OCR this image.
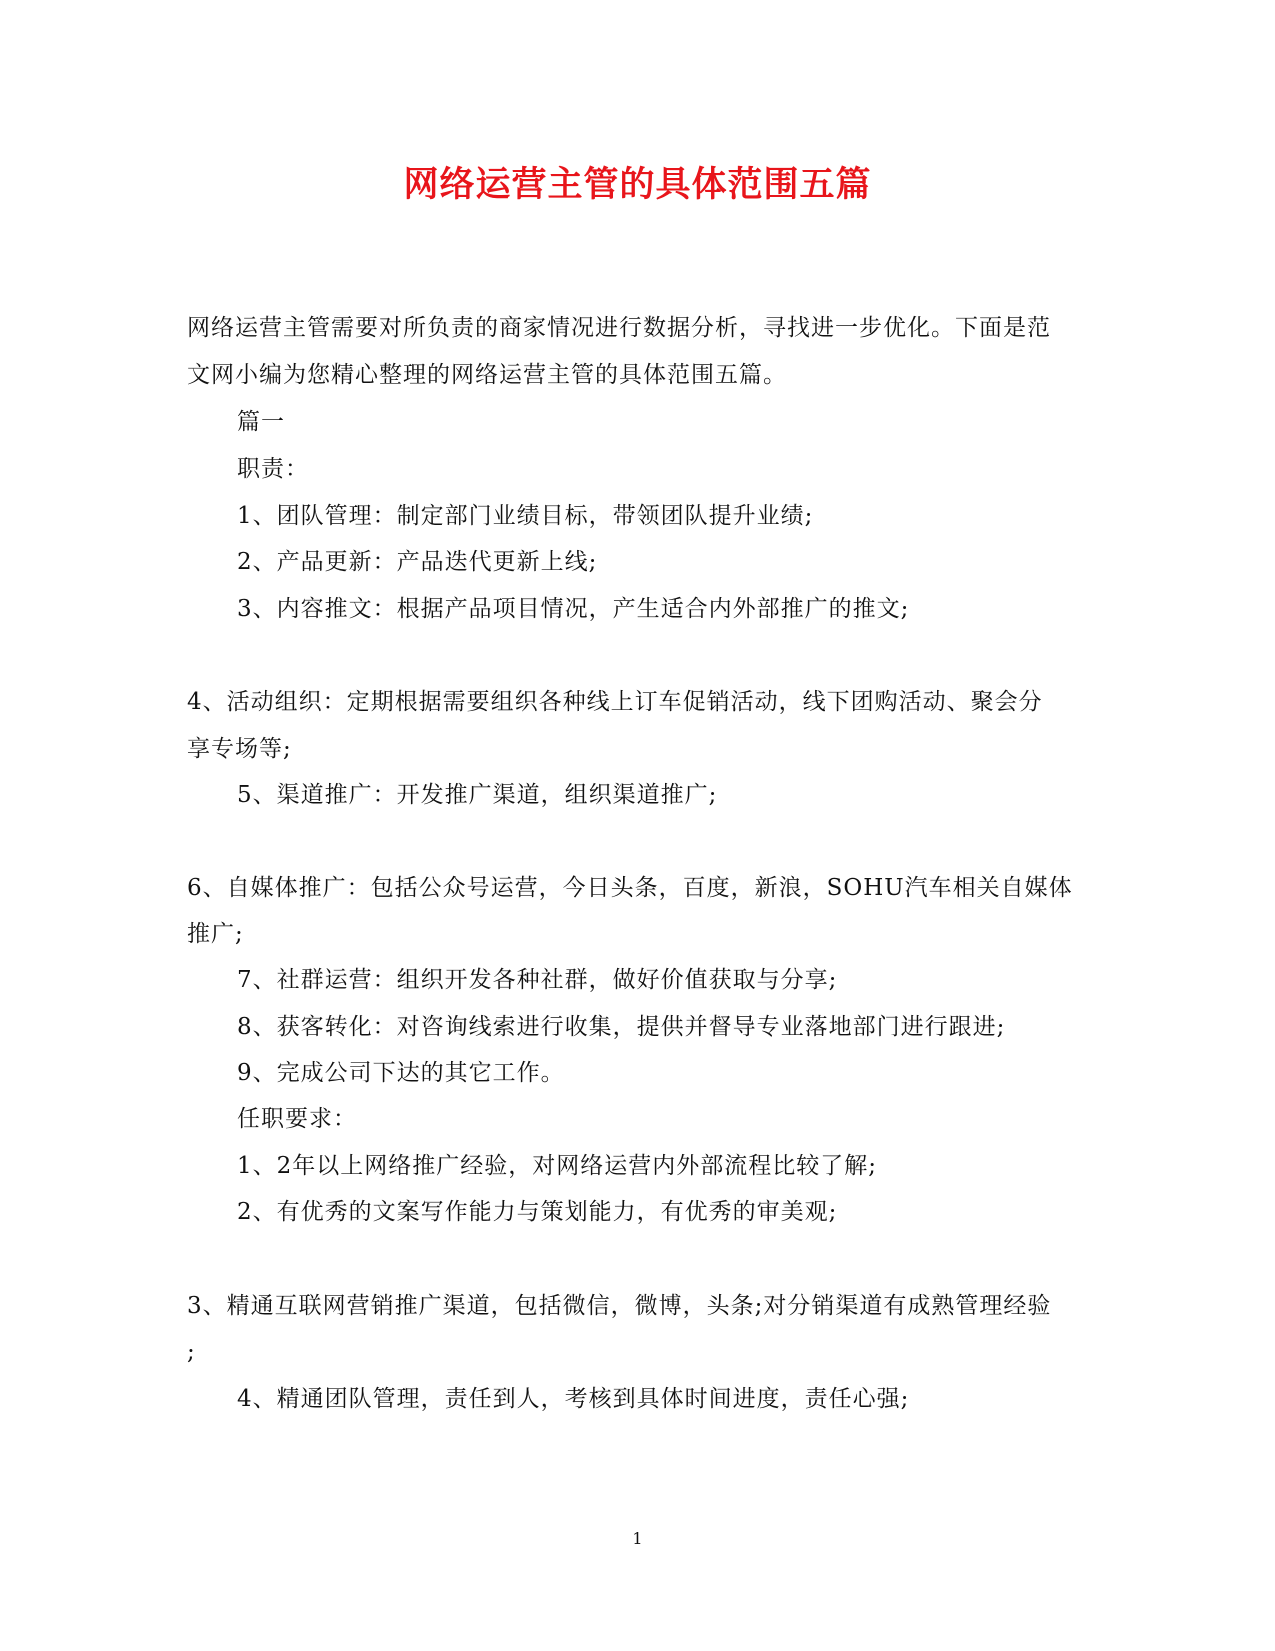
网络运营主管的具体范围五篇
网络运营主管需要对所负责的商家情况进行数据分析，寻找进一步优化。下面是范
文网小编为您精心整理的网络运营主管的具体范围五篇。
篇一
职责：
1、团队管理：制定部门业绩目标，带领团队提升业绩;
2、产品更新：产品迭代更新上线;
3、内容推文：根据产品项目情况，产生适合内外部推广的推文;
4、活动组织：定期根据需要组织各种线上订车促销活动，线下团购活动、聚会分
享专场等;
5、渠道推广：开发推广渠道，组织渠道推广;
6、自媒体推广：包括公众号运营，今日头条，百度，新浪，SOHU汽车相关自媒体
推广;
7、社群运营：组织开发各种社群，做好价值获取与分享;
8、获客转化：对咨询线索进行收集，提供并督导专业落地部门进行跟进;
9、完成公司下达的其它工作。
任职要求：
1、2年以上网络推广经验，对网络运营内外部流程比较了解;
2、有优秀的文案写作能力与策划能力，有优秀的审美观;
3、精通互联网营销推广渠道，包括微信，微博，头条;对分销渠道有成熟管理经验
;
4、精通团队管理，责任到人，考核到具体时间进度，责任心强;
1
